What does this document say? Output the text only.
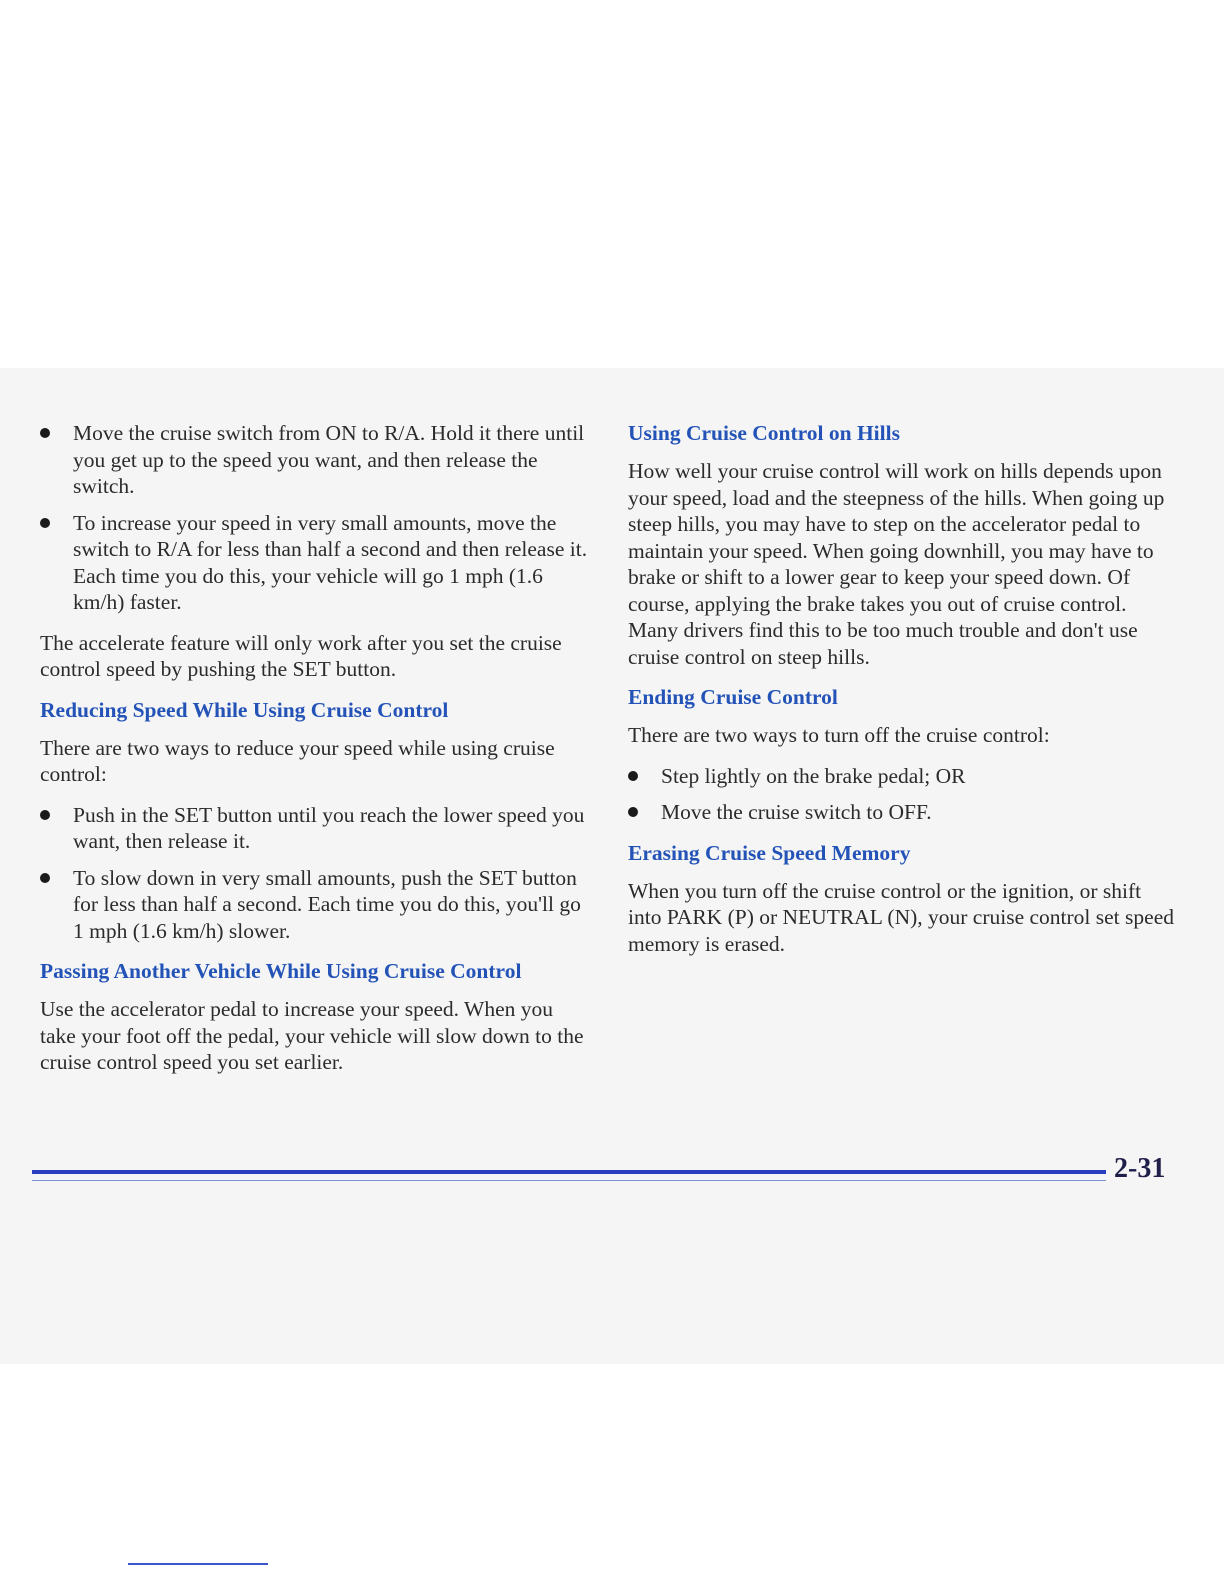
Move the cruise switch from ON to R/A. Hold it there until you get up to the speed you want, and then release the switch.
To increase your speed in very small amounts, move the switch to R/A for less than half a second and then release it. Each time you do this, your vehicle will go 1 mph (1.6 km/h) faster.

The accelerate feature will only work after you set the cruise control speed by pushing the SET button.

Reducing Speed While Using Cruise Control

There are two ways to reduce your speed while using cruise control:

Push in the SET button until you reach the lower speed you want, then release it.
To slow down in very small amounts, push the SET button for less than half a second. Each time you do this, you'll go 1 mph (1.6 km/h) slower.
Passing Another Vehicle While Using Cruise Control

Use the accelerator pedal to increase your speed. When you take your foot off the pedal, your vehicle will slow down to the cruise control speed you set earlier.

Using Cruise Control on Hills

How well your cruise control will work on hills depends upon your speed, load and the steepness of the hills. When going up steep hills, you may have to step on the accelerator pedal to maintain your speed. When going downhill, you may have to brake or shift to a lower gear to keep your speed down. Of course, applying the brake takes you out of cruise control. Many drivers find this to be too much trouble and don't use cruise control on steep hills.

Ending Cruise Control

There are two ways to turn off the cruise control:

Step lightly on the brake pedal; OR
Move the cruise switch to OFF.
Erasing Cruise Speed Memory

When you turn off the cruise control or the ignition, or shift into PARK (P) or NEUTRAL (N), your cruise control set speed memory is erased.

2-31
